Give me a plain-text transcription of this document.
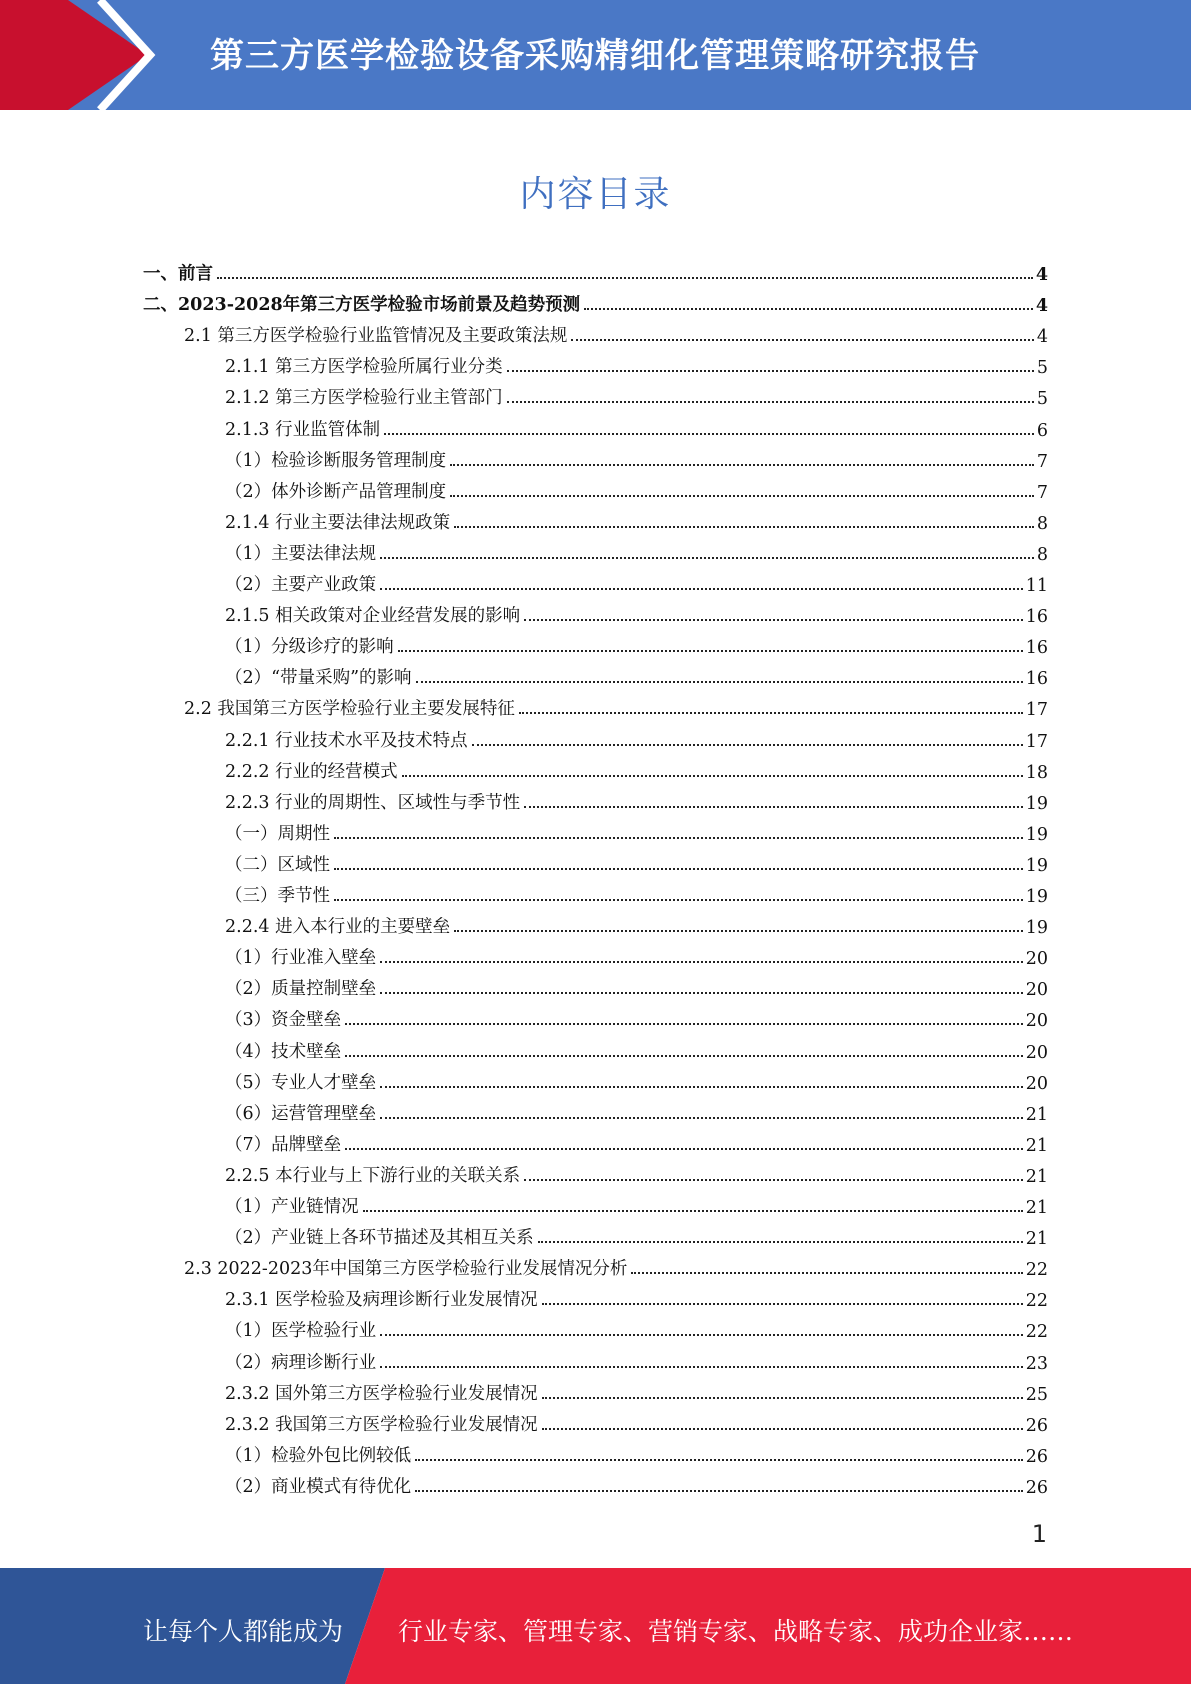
第三方医学检验设备采购精细化管理策略研究报告
内容目录
一、前言	4
二、2023-2028年第三方医学检验市场前景及趋势预测	4
2.1 第三方医学检验行业监管情况及主要政策法规	4
2.1.1 第三方医学检验所属行业分类	5
2.1.2 第三方医学检验行业主管部门	5
2.1.3 行业监管体制	6
（1）检验诊断服务管理制度	7
（2）体外诊断产品管理制度	7
2.1.4 行业主要法律法规政策	8
（1）主要法律法规	8
（2）主要产业政策	11
2.1.5 相关政策对企业经营发展的影响	16
（1）分级诊疗的影响	16
（2）“带量采购”的影响	16
2.2 我国第三方医学检验行业主要发展特征	17
2.2.1 行业技术水平及技术特点	17
2.2.2 行业的经营模式	18
2.2.3 行业的周期性、区域性与季节性	19
（一）周期性	19
（二）区域性	19
（三）季节性	19
2.2.4 进入本行业的主要壁垒	19
（1）行业准入壁垒	20
（2）质量控制壁垒	20
（3）资金壁垒	20
（4）技术壁垒	20
（5）专业人才壁垒	20
（6）运营管理壁垒	21
（7）品牌壁垒	21
2.2.5 本行业与上下游行业的关联关系	21
（1）产业链情况	21
（2）产业链上各环节描述及其相互关系	21
2.3 2022-2023年中国第三方医学检验行业发展情况分析	22
2.3.1 医学检验及病理诊断行业发展情况	22
（1）医学检验行业	22
（2）病理诊断行业	23
2.3.2 国外第三方医学检验行业发展情况	25
2.3.2 我国第三方医学检验行业发展情况	26
（1）检验外包比例较低	26
（2）商业模式有待优化	26
1
让每个人都能成为 行业专家、管理专家、营销专家、战略专家、成功企业家……
